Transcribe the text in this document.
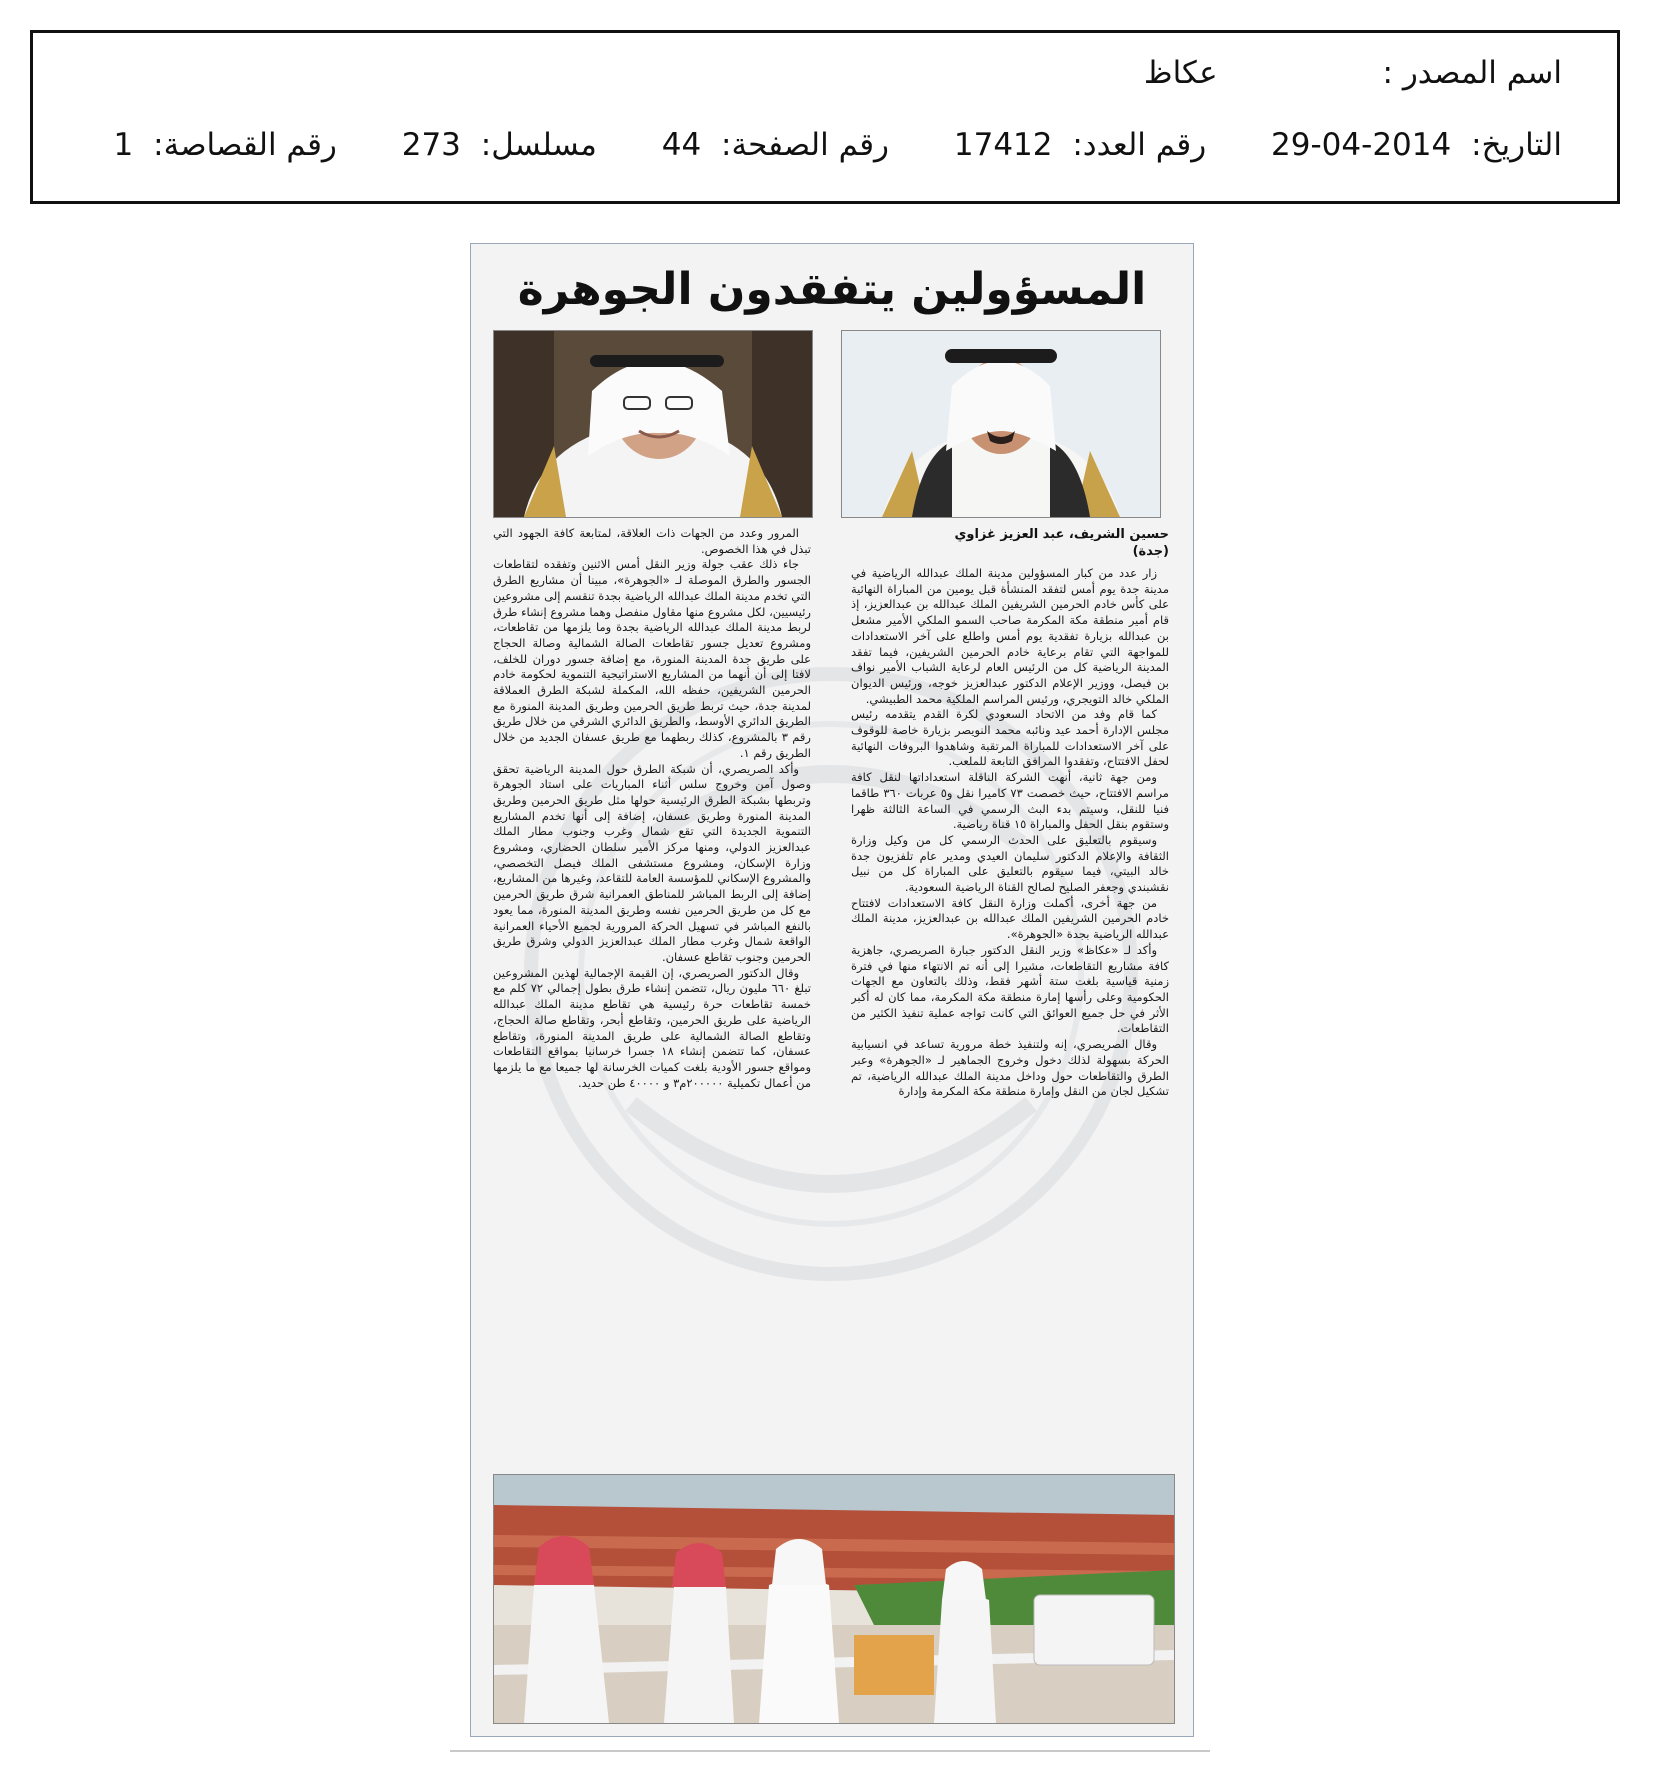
اسم المصدر : عكاظ
التاريخ: 2014-04-29 رقم العدد: 17412 رقم الصفحة: 44 مسلسل: 273 رقم القصاصة: 1
المسؤولين يتفقدون الجوهرة
حسين الشريف، عبد العزيز غزاوي
(جدة)

زار عدد من كبار المسؤولين مدينة الملك عبدالله الرياضية في مدينة جدة يوم أمس لتفقد المنشأة قبل يومين من المباراة النهائية على كأس خادم الحرمين الشريفين الملك عبدالله بن عبدالعزيز، إذ قام أمير منطقة مكة المكرمة صاحب السمو الملكي الأمير مشعل بن عبدالله بزيارة تفقدية يوم أمس واطلع على آخر الاستعدادات للمواجهة التي تقام برعاية خادم الحرمين الشريفين، فيما تفقد المدينة الرياضية كل من الرئيس العام لرعاية الشباب الأمير نواف بن فيصل، ووزير الإعلام الدكتور عبدالعزيز خوجه، ورئيس الديوان الملكي خالد التويجري، ورئيس المراسم الملكية محمد الطبيشي.

كما قام وفد من الاتحاد السعودي لكرة القدم يتقدمه رئيس مجلس الإدارة أحمد عيد ونائبه محمد النويصر بزيارة خاصة للوقوف على آخر الاستعدادات للمباراة المرتقبة وشاهدوا البروفات النهائية لحفل الافتتاح، وتفقدوا المرافق التابعة للملعب.

ومن جهة ثانية، أنهت الشركة الناقلة استعداداتها لنقل كافة مراسم الافتتاح، حيث خصصت ٧٣ كاميرا نقل و٥ عربات ٣٦٠ طاقما فنيا للنقل، وسيتم بدء البث الرسمي في الساعة الثالثة ظهرا وستقوم بنقل الحفل والمباراة ١٥ قناة رياضية.

وسيقوم بالتعليق على الحدث الرسمي كل من وكيل وزارة الثقافة والإعلام الدكتور سليمان العيدي ومدير عام تلفزيون جدة خالد البيتي، فيما سيقوم بالتعليق على المباراة كل من نبيل نقشبندي وجعفر الصليح لصالح القناة الرياضية السعودية.

من جهة أخرى، أكملت وزارة النقل كافة الاستعدادات لافتتاح خادم الحرمين الشريفين الملك عبدالله بن عبدالعزيز، مدينة الملك عبدالله الرياضية بجدة «الجوهرة».

وأكد لـ «عكاظ» وزير النقل الدكتور جبارة الصريصري، جاهزية كافة مشاريع التقاطعات، مشيرا إلى أنه تم الانتهاء منها في فترة زمنية قياسية بلغت ستة أشهر فقط، وذلك بالتعاون مع الجهات الحكومية وعلى رأسها إمارة منطقة مكة المكرمة، مما كان له أكبر الأثر في حل جميع العوائق التي كانت تواجه عملية تنفيذ الكثير من التقاطعات.

وقال الصريصري، إنه ولتنفيذ خطة مرورية تساعد في انسيابية الحركة بسهولة لذلك دخول وخروج الجماهير لـ «الجوهرة» وعبر الطرق والتقاطعات حول وداخل مدينة الملك عبدالله الرياضية، تم تشكيل لجان من النقل وإمارة منطقة مكة المكرمة وإدارة

المرور وعدد من الجهات ذات العلاقة، لمتابعة كافة الجهود التي تبذل في هذا الخصوص.

جاء ذلك عقب جولة وزير النقل أمس الاثنين وتفقده لتقاطعات الجسور والطرق الموصلة لـ «الجوهرة»، مبينا أن مشاريع الطرق التي تخدم مدينة الملك عبدالله الرياضية بجدة تنقسم إلى مشروعين رئيسيين، لكل مشروع منها مقاول منفصل وهما مشروع إنشاء طرق لربط مدينة الملك عبدالله الرياضية بجدة وما يلزمها من تقاطعات، ومشروع تعديل جسور تقاطعات الصالة الشمالية وصالة الحجاج على طريق جدة المدينة المنورة، مع إضافة جسور دوران للخلف، لافتا إلى أن أنهما من المشاريع الاستراتيجية التنموية لحكومة خادم الحرمين الشريفين، حفظه الله، المكملة لشبكة الطرق العملاقة لمدينة جدة، حيث تربط طريق الحرمين وطريق المدينة المنورة مع الطريق الدائري الأوسط، والطريق الدائري الشرقي من خلال طريق رقم ٣ بالمشروع، كذلك ربطهما مع طريق عسفان الجديد من خلال الطريق رقم ١.

وأكد الصريصري، أن شبكة الطرق حول المدينة الرياضية تحقق وصول آمن وخروج سلس أثناء المباريات على استاد الجوهرة وتربطها بشبكة الطرق الرئيسية حولها مثل طريق الحرمين وطريق المدينة المنورة وطريق عسفان، إضافة إلى أنها تخدم المشاريع التنموية الجديدة التي تقع شمال وغرب وجنوب مطار الملك عبدالعزيز الدولي، ومنها مركز الأمير سلطان الحضاري، ومشروع وزارة الإسكان، ومشروع مستشفى الملك فيصل التخصصي، والمشروع الإسكاني للمؤسسة العامة للتقاعد، وغيرها من المشاريع، إضافة إلى الربط المباشر للمناطق العمرانية شرق طريق الحرمين مع كل من طريق الحرمين نفسه وطريق المدينة المنورة، مما يعود بالنفع المباشر في تسهيل الحركة المرورية لجميع الأحياء العمرانية الواقعة شمال وغرب مطار الملك عبدالعزيز الدولي وشرق طريق الحرمين وجنوب تقاطع عسفان.

وقال الدكتور الصريصري، إن القيمة الإجمالية لهذين المشروعين تبلغ ٦٦٠ مليون ريال، تتضمن إنشاء طرق بطول إجمالي ٧٢ كلم مع خمسة تقاطعات حرة رئيسية هي تقاطع مدينة الملك عبدالله الرياضية على طريق الحرمين، وتقاطع أبحر، وتقاطع صالة الحجاج، وتقاطع الصالة الشمالية على طريق المدينة المنورة، وتقاطع عسفان، كما تتضمن إنشاء ١٨ جسرا خرسانيا بمواقع التقاطعات ومواقع جسور الأودية بلغت كميات الخرسانة لها جميعا مع ما يلزمها من أعمال تكميلية ٢٠٠٠٠٠م٣ و ٤٠٠٠٠ طن حديد.
